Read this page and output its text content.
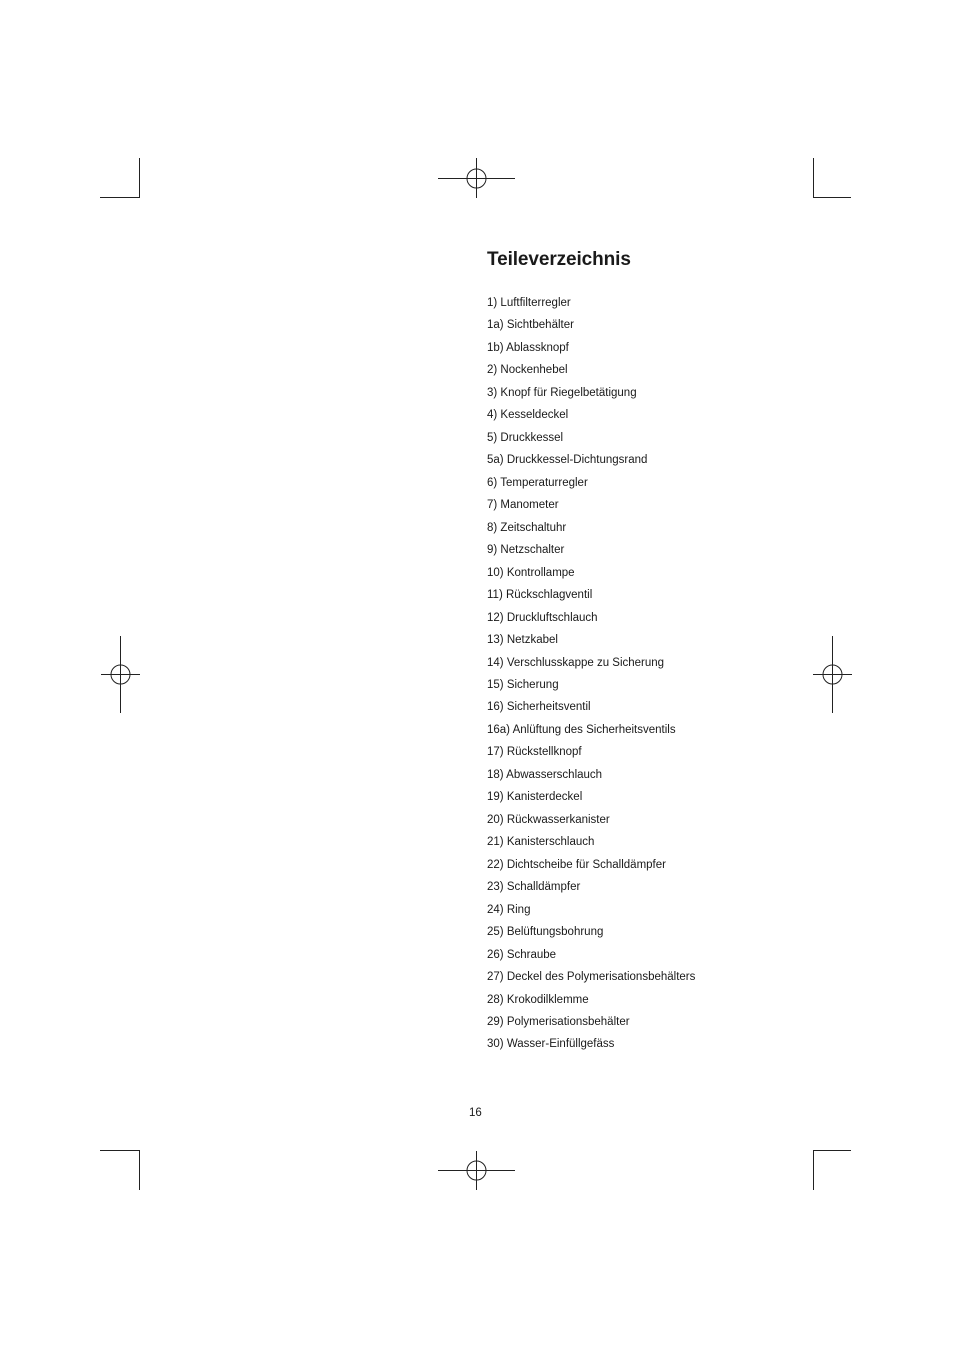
Teileverzeichnis
1) Luftfilterregler
1a) Sichtbehälter
1b) Ablassknopf
2) Nockenhebel
3) Knopf für Riegelbetätigung
4) Kesseldeckel
5) Druckkessel
5a) Druckkessel-Dichtungsrand
6) Temperaturregler
7) Manometer
8) Zeitschaltuhr
9) Netzschalter
10) Kontrollampe
11) Rückschlagventil
12) Druckluftschlauch
13) Netzkabel
14) Verschlusskappe zu Sicherung
15) Sicherung
16) Sicherheitsventil
16a) Anlüftung des Sicherheitsventils
17) Rückstellknopf
18) Abwasserschlauch
19) Kanisterdeckel
20) Rückwasserkanister
21) Kanisterschlauch
22) Dichtscheibe für Schalldämpfer
23) Schalldämpfer
24) Ring
25) Belüftungsbohrung
26) Schraube
27) Deckel des Polymerisationsbehälters
28) Krokodilklemme
29) Polymerisationsbehälter
30) Wasser-Einfüllgefäss
16
